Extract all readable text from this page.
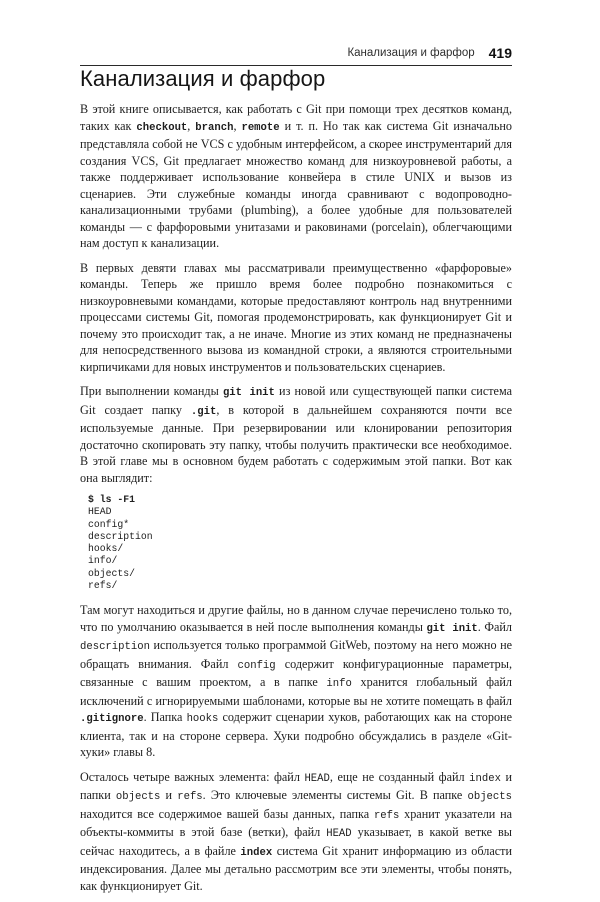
Канализация и фарфор 419
Канализация и фарфор

В этой книге описывается, как работать с Git при помощи трех десятков команд, таких как checkout, branch, remote и т. п. Но так как система Git изначально представляла собой не VCS с удобным интерфейсом, а скорее инструментарий для создания VCS, Git предлагает множество команд для низкоуровневой работы, а также поддерживает использование конвейера в стиле UNIX и вызов из сценариев. Эти служебные команды иногда сравнивают с водопроводно-канализационными трубами (plumbing), а более удобные для пользователей команды — с фарфоровыми унитазами и раковинами (porcelain), облегчающими нам доступ к канализации.

В первых девяти главах мы рассматривали преимущественно «фарфоровые» команды. Теперь же пришло время более подробно познакомиться с низкоуровневыми командами, которые предоставляют контроль над внутренними процессами системы Git, помогая продемонстрировать, как функционирует Git и почему это происходит так, а не иначе. Многие из этих команд не предназначены для непосредственного вызова из командной строки, а являются строительными кирпичиками для новых инструментов и пользовательских сценариев.

При выполнении команды git init из новой или существующей папки система Git создает папку .git, в которой в дальнейшем сохраняются почти все используемые данные. При резервировании или клонировании репозитория достаточно скопировать эту папку, чтобы получить практически все необходимое. В этой главе мы в основном будем работать с содержимым этой папки. Вот как она выглядит:

$ ls -F1
HEAD
config*
description
hooks/
info/
objects/
refs/

Там могут находиться и другие файлы, но в данном случае перечислено только то, что по умолчанию оказывается в ней после выполнения команды git init. Файл description используется только программой GitWeb, поэтому на него можно не обращать внимания. Файл config содержит конфигурационные параметры, связанные с вашим проектом, а в папке info хранится глобальный файл исключений с игнорируемыми шаблонами, которые вы не хотите помещать в файл .gitignore. Папка hooks содержит сценарии хуков, работающих как на стороне клиента, так и на стороне сервера. Хуки подробно обсуждались в разделе «Git-хуки» главы 8.

Осталось четыре важных элемента: файл HEAD, еще не созданный файл index и папки objects и refs. Это ключевые элементы системы Git. В папке objects находится все содержимое вашей базы данных, папка refs хранит указатели на объекты-коммиты в этой базе (ветки), файл HEAD указывает, в какой ветке вы сейчас находитесь, а в файле index система Git хранит информацию из области индексирования. Далее мы детально рассмотрим все эти элементы, чтобы понять, как функционирует Git.
